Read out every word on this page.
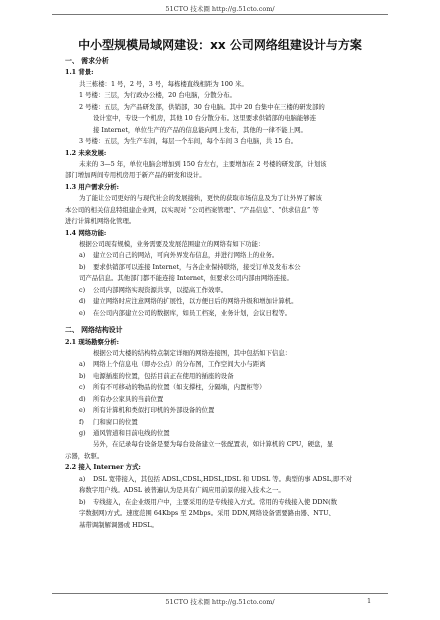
51CTO 技术圈 http://g.51cto.com/
中小型规模局域网建设：xx 公司网络组建设计与方案
一、 需求分析
1.1 背景:
共三栋楼：1 号，2 号，3 号，每栋楼直线相距为 100 米。
1 号楼：三层，为行政办公楼，20 台电脑，分散分布。
2 号楼：五层，为产品研发部，供销部，30 台电脑。其中 20 台集中在三楼的研发部的
设计室中，专设一个机房，其他 10 台分散分布。这里要求供销部的电脑能够连
接 Internet，单位生产的产品的信息能向网上发布，其他的一律不能上网。
3 号楼：五层，为生产车间，每层一个车间，每个车间 3 台电脑，共 15 台。
1.2 未来发展:
未来的 3—5 年，单位电脑会增加到 150 台左右，主要增加在 2 号楼的研发部，计划该
部门增加两间专用机房用于新产品的研发和设计。
1.3 用户需求分析:
为了能让公司更好的与现代社会的发展接轨，更快的获取市场信息及为了让外界了解该
本公司的相关信息特组建企业网，以实现对 “公司档案管理”、“产品信息”、“供求信息” 等
进行计算机网络化管理。
1.4 网络功能:
根据公司现有规模，业务需要及发展范围建立的网络有如下功能：
a) 建立公司自己的网站，可向外界发布信息，并进行网络上的业务。
b) 要求供销部可以连接 Internet，与各企业保持联络，接受订单及发布本公
司产品信息。其他部门都不能连接 Internet，但要求公司内部由网络连接。
c) 公司内部网络实现资源共享，以提高工作效率。
d) 建立网络时应注意网络的扩展性，以方便日后的网络升级和增加计算机。
e) 在公司内部建立公司的数据库，如员工档案，业务计划，会议日程等。
二、 网络结构设计
2.1 现场勘察分析:
根据公司大楼的结构特点制定详细的网络连接图，其中包括如下信息：
a) 网络上个信息电（即办公点）的分布图，工作空间大小与距离
b) 电源插座的位置，包括目前正在使用的插座的设备
c) 所有不可移动的物品的位置（如支撑柱，分隔墙，内置柜等）
d) 所有办公家具的当前位置
e) 所有计算机和类似打印机的外部设备的位置
f) 门和窗口的位置
g) 通风管道和目前电线的位置
另外，在记录每台设备是要为每台设备建立一张配置表，如计算机的 CPU，硬盘，显
示器，软驱。
2.2 接入 Interner 方式:
a) DSL 宽带接入，其包括 ADSL,CDSL,HDSL,IDSL 和 UDSL 等。典型的事 ADSL,即不对
称数字用户线。ADSL 被普遍认为是具有广阔应用前景的接入技术之一。
b) 专线接入，在企业级用户中，主要采用的是专线接入方式。常用的专线接入使 DDN(数
字数据网)方式。速度范围 64Kbps 至 2Mbps。采用 DDN,网络设备需要路由器、NTU、
基带调制解调器或 HDSL。
51CTO 技术圈 http://g.51cto.com/	1
